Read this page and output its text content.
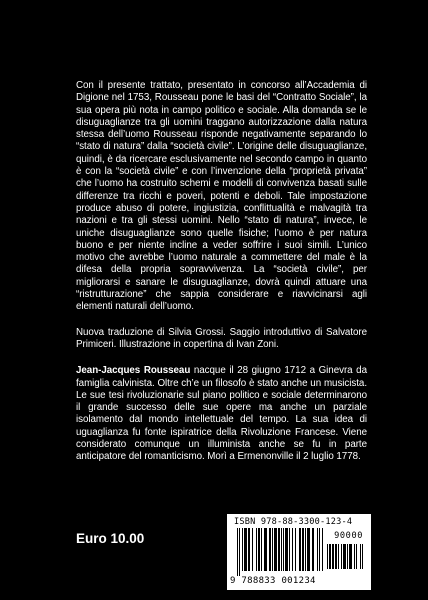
Con il presente trattato, presentato in concorso all’Accademia di Digione nel 1753, Rousseau pone le basi del “Contratto Sociale”, la sua opera più nota in campo politico e sociale. Alla domanda se le disuguaglianze tra gli uomini traggano autorizzazione dalla natura stessa dell’uomo Rousseau risponde negativamente separando lo “stato di natura” dalla “società civile”. L’origine delle disuguaglianze, quindi, è da ricercare esclusivamente nel secondo campo in quanto è con la “società civile” e con l’invenzione della “proprietà privata” che l’uomo ha costruito schemi e modelli di convivenza basati sulle differenze tra ricchi e poveri, potenti e deboli. Tale impostazione produce abuso di potere, ingiustizia, conflittualità e malvagità tra nazioni e tra gli stessi uomini. Nello “stato di natura”, invece, le uniche disuguaglianze sono quelle fisiche; l’uomo è per natura buono e per niente incline a veder soffrire i suoi simili. L’unico motivo che avrebbe l’uomo naturale a commettere del male è la difesa della propria sopravvivenza. La “società civile”, per migliorarsi e sanare le disuguaglianze, dovrà quindi attuare una “ristrutturazione” che sappia considerare e riavvicinarsi agli elementi naturali dell’uomo.

Nuova traduzione di Silvia Grossi. Saggio introduttivo di Salvatore Primiceri. Illustrazione in copertina di Ivan Zoni.

Jean-Jacques Rousseau nacque il 28 giugno 1712 a Ginevra da famiglia calvinista. Oltre ch’e un filosofo è stato anche un musicista. Le sue tesi rivoluzionarie sul piano politico e sociale determinarono il grande successo delle sue opere ma anche un parziale isolamento dal mondo intellettuale del tempo. La sua idea di uguaglianza fu fonte ispiratrice della Rivoluzione Francese. Viene considerato comunque un illuminista anche se fu in parte anticipatore del romanticismo. Morì a Ermenonville il 2 luglio 1778.

Euro 10.00
ISBN 978-88-3300-123-4
90000
9 788833 001234
